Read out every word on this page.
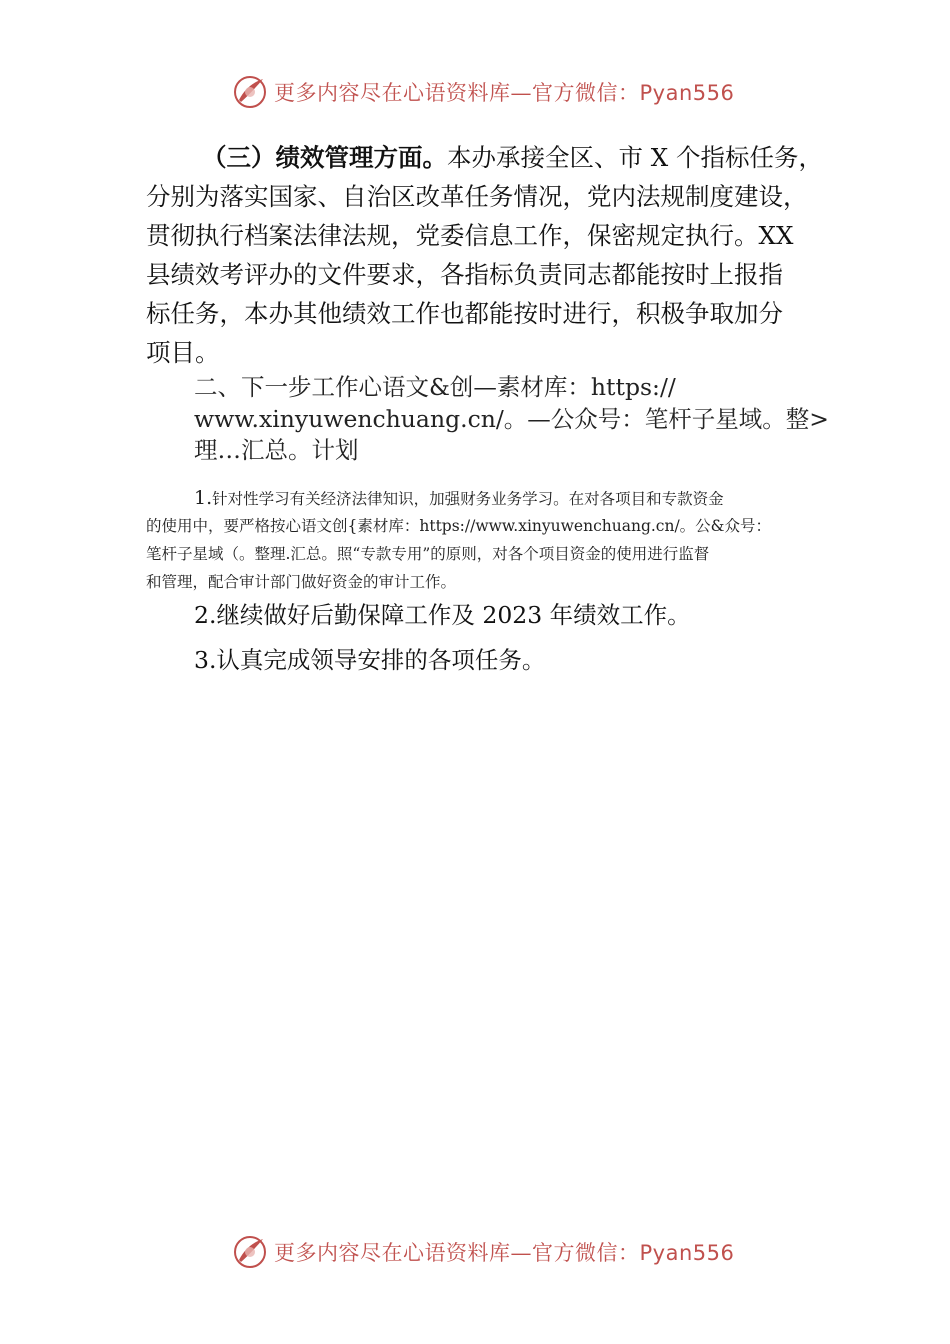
更多内容尽在心语资料库—官方微信：Pyan556
（三）绩效管理方面。本办承接全区、市 X 个指标任务，
分别为落实国家、自治区改革任务情况，党内法规制度建设，
贯彻执行档案法律法规，党委信息工作，保密规定执行。XX
县绩效考评办的文件要求，各指标负责同志都能按时上报指
标任务，本办其他绩效工作也都能按时进行，积极争取加分
项目。
二、下一步工作心语文&创—素材库：https://
www.xinyuwenchuang.cn/。—公众号：笔杆子星域。整>
理…汇总。计划
1.针对性学习有关经济法律知识，加强财务业务学习。在对各项目和专款资金
的使用中，要严格按心语文创{素材库：https://www.xinyuwenchuang.cn/。公&众号：
笔杆子星域（。整理.汇总。照“专款专用”的原则，对各个项目资金的使用进行监督
和管理，配合审计部门做好资金的审计工作。
2.继续做好后勤保障工作及 2023 年绩效工作。
3.认真完成领导安排的各项任务。
更多内容尽在心语资料库—官方微信：Pyan556
